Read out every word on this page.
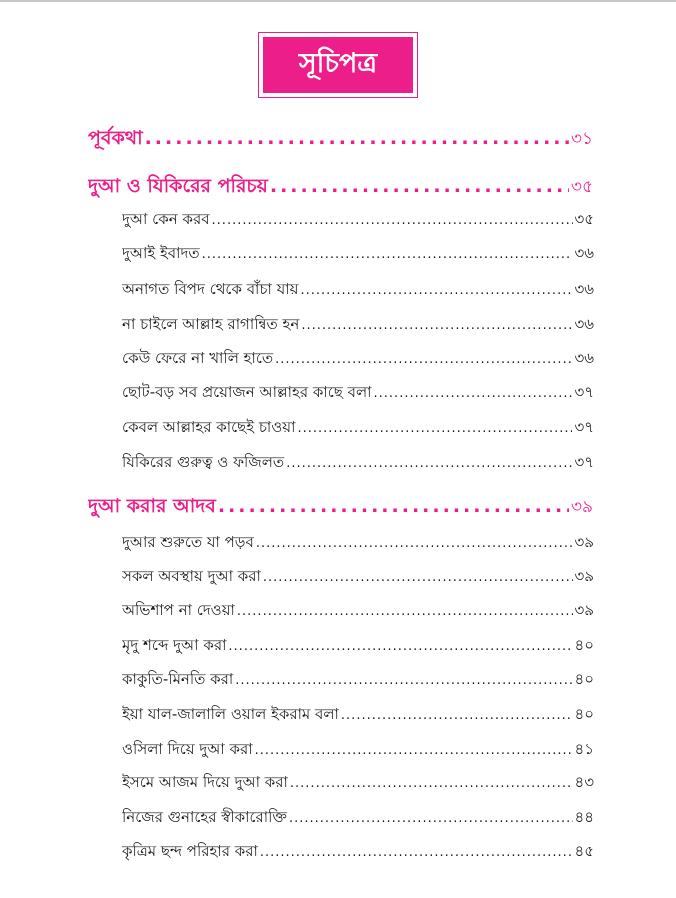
সূচিপত্র
পূর্বকথা .....	৩১
দুআ ও যিকিরের পরিচয় .....	৩৫
দুআ কেন করব .....	৩৫
দুআই ইবাদত .....	৩৬
অনাগত বিপদ থেকে বাঁচা যায় .....	৩৬
না চাইলে আল্লাহ রাগান্বিত হন .....	৩৬
কেউ ফেরে না খালি হাতে .....	৩৬
ছোট-বড় সব প্রয়োজন আল্লাহর কাছে বলা .....	৩৭
কেবল আল্লাহর কাছেই চাওয়া .....	৩৭
যিকিরের গুরুত্ব ও ফজিলত .....	৩৭
দুআ করার আদব .....	৩৯
দুআর শুরুতে যা পড়ব .....	৩৯
সকল অবস্থায় দুআ করা .....	৩৯
অভিশাপ না দেওয়া .....	৩৯
মৃদু শব্দে দুআ করা .....	৪০
কাকুতি-মিনতি করা .....	৪০
ইয়া যাল-জালালি ওয়াল ইকরাম বলা .....	৪০
ওসিলা দিয়ে দুআ করা .....	৪১
ইসমে আজম দিয়ে দুআ করা .....	৪৩
নিজের গুনাহের স্বীকারোক্তি .....	৪৪
কৃত্রিম ছন্দ পরিহার করা .....	৪৫
